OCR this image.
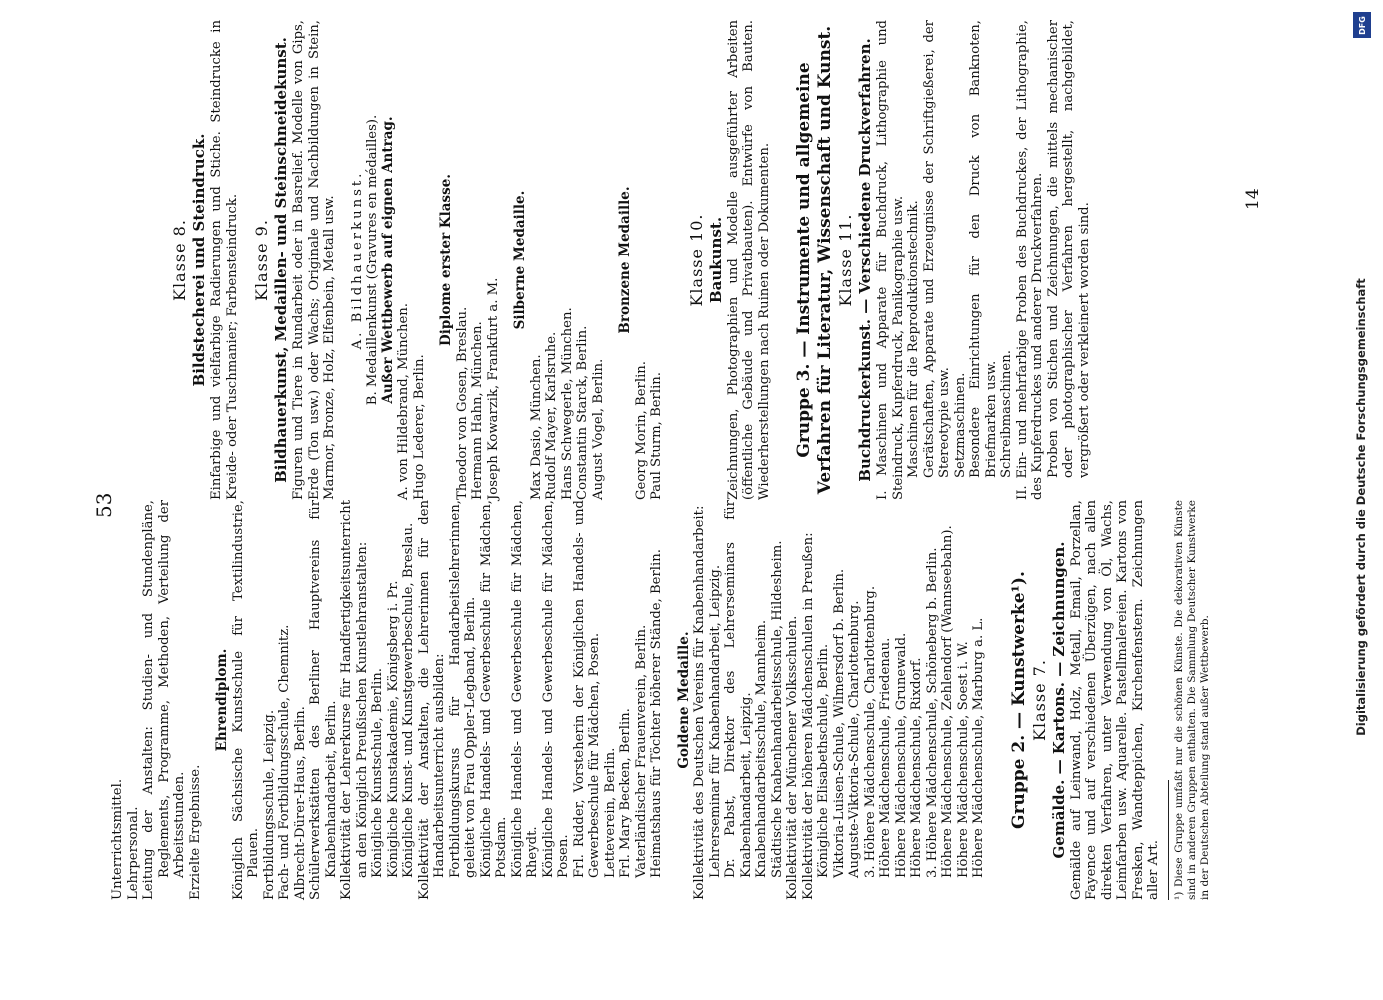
53

Unterrichtsmittel. Lehrpersonal. Leitung der Anstalten: Studien- und Stundenpläne, Reglements, Programme, Methoden, Verteilung der Arbeitsstunden. Erzielte Ergebnisse.

Ehrendiplom. Königlich Sächsische Kunstschule für Textilindustrie, Plauen. Fortbildungsschule, Leipzig. Fach- und Fortbildungsschule, Chemnitz. Albrecht-Dürer-Haus, Berlin. Schülerwerkstätten des Berliner Hauptvereins für Knabenhandarbeit, Berlin. Kollektivität der Lehrerkurse für Handfertigkeitsunterricht an den Königlich Preußischen Kunstlehranstalten: Königliche Kunstschule, Berlin. Königliche Kunstakademie, Königsberg i. Pr. Königliche Kunst- und Kunstgewerbeschule, Breslau. Kollektivität der Anstalten, die Lehrerinnen für den Handarbeitsunterricht ausbilden: Fortbildungskursus für Handarbeitslehrerinnen, geleitet von Frau Oppler-Legband, Berlin. Königliche Handels- und Gewerbeschule für Mädchen, Potsdam. Königliche Handels- und Gewerbeschule für Mädchen, Rheydt. Königliche Handels- und Gewerbeschule für Mädchen, Posen. Frl. Ridder, Vorsteherin der Königlichen Handels- und Gewerbeschule für Mädchen, Posen. Letteverein, Berlin. Frl. Mary Becken, Berlin. Vaterländischer Frauenverein, Berlin. Heimatshaus für Töchter höherer Stände, Berlin. Goldene Medaille. Kollektivität des Deutschen Vereins für Knabenhandarbeit: Lehrerseminar für Knabenhandarbeit, Leipzig. Dr. Pabst, Direktor des Lehrerseminars für Knabenhandarbeit, Leipzig. Knabenhandarbeitsschule, Mannheim. Städtische Knabenhandarbeitsschule, Hildesheim. Kollektivität der Münchener Volksschulen. Kollektivität der höheren Mädchenschulen in Preußen: Königliche Elisabethschule, Berlin. Viktoria-Luisen-Schule, Wilmersdorf b. Berlin. Auguste-Viktoria-Schule, Charlottenburg. 3. Höhere Mädchenschule, Charlottenburg. Höhere Mädchenschule, Friedenau. Höhere Mädchenschule, Grunewald. Höhere Mädchenschule, Rixdorf. 3. Höhere Mädchenschule, Schöneberg b. Berlin. Höhere Mädchenschule, Zehlendorf (Wannseebahn). Höhere Mädchenschule, Soest i. W. Höhere Mädchenschule, Marburg a. L. Gruppe 2. — Kunstwerke¹). Klasse 7. Gemälde. — Kartons. — Zeichnungen. Gemälde auf Leinwand, Holz, Metall, Email, Porzellan, Fayence und auf verschiedenen Überzügen, nach allen direkten Verfahren, unter Verwendung von Öl, Wachs, Leimfarben usw. Aquarelle. Pastellmalereien. Kartons von Fresken, Wandteppichen, Kirchenfenstern. Zeichnungen aller Art. ¹) Diese Gruppe umfaßt nur die schönen Künste. Die dekorativen Künste sind in anderen Gruppen enthalten. Die Sammlung Deutscher Kunstwerke in der Deutschen Abteilung stand außer Wettbewerb.

Klasse 8. Bildstecherei und Steindruck. Einfarbige und vielfarbige Radierungen und Stiche. Steindrucke in Kreide- oder Tuschmanier; Farbensteindruck. Klasse 9. Bildhauerkunst, Medaillen- und Steinschneidekunst. Figuren und Tiere in Rundarbeit oder in Basrelief. Modelle von Gips, Erde (Ton usw.) oder Wachs; Originale und Nachbildungen in Stein, Marmor, Bronze, Holz, Elfenbein, Metall usw. A. Bildhauerkunst. B. Medaillenkunst (Gravures en médailles). Außer Wettbewerb auf eignen Antrag. A. von Hildebrand, München. Hugo Lederer, Berlin.

Diplome erster Klasse.

Theodor von Gosen, Breslau. Hermann Hahn, München. Joseph Kowarzik, Frankfurt a. M.

Silberne Medaille.

Max Dasio, München. Rudolf Mayer, Karlsruhe. Hans Schwegerle, München. Constantin Starck, Berlin. August Vogel, Berlin.

Bronzene Medaille.

Georg Morin, Berlin. Paul Sturm, Berlin.

Klasse 10. Baukunst. Zeichnungen, Photographien und Modelle ausgeführter Arbeiten (öffentliche Gebäude und Privatbauten). Entwürfe von Bauten. Wiederherstellungen nach Ruinen oder Dokumenten. Gruppe 3. — Instrumente und allgemeine Verfahren für Literatur, Wissenschaft und Kunst. Klasse 11. Buchdruckerkunst. — Verschiedene Druckverfahren. I. Maschinen und Apparate für Buchdruck, Lithographie und Steindruck, Kupferdruck, Panikographie usw. Maschinen für die Reproduktionstechnik. Gerätschaften, Apparate und Erzeugnisse der Schriftgießerei, der Stereotypie usw. Setzmaschinen. Besondere Einrichtungen für den Druck von Banknoten, Briefmarken usw. Schreibmaschinen. II. Ein- und mehrfarbige Proben des Buchdruckes, der Lithographie, des Kupferdruckes und anderer Druckverfahren. Proben von Stichen und Zeichnungen, die mittels mechanischer oder photographischer Verfahren hergestellt, nachgebildet, vergrößert oder verkleinert worden sind.

14
DFG
Digitalisierung gefördert durch die Deutsche Forschungsgemeinschaft
